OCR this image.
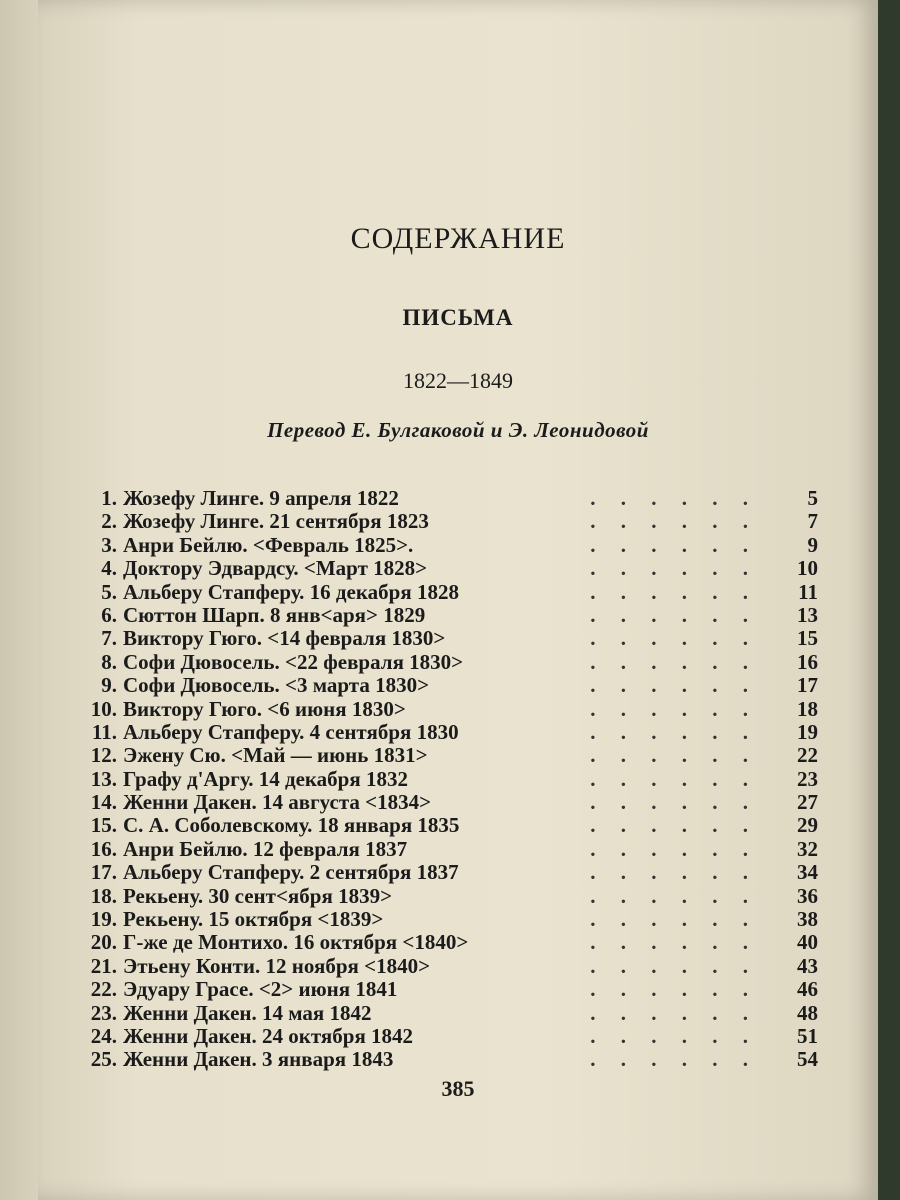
СОДЕРЖАНИЕ
ПИСЬМА
1822—1849
Перевод Е. Булгаковой и Э. Леонидовой
1. Жозефу Линге. 9 апреля 1822	. . . . . .	5
2. Жозефу Линге. 21 сентября 1823	. . . . . .	7
3. Анри Бейлю. <Февраль 1825>.	. . . . . .	9
4. Доктору Эдвардсу. <Март 1828>	. . . . . .	10
5. Альберу Стапферу. 16 декабря 1828	. . . . . .	11
6. Сюттон Шарп. 8 янв<аря> 1829	. . . . . .	13
7. Виктору Гюго. <14 февраля 1830>	. . . . . .	15
8. Софи Дювосель. <22 февраля 1830>	. . . . . .	16
9. Софи Дювосель. <3 марта 1830>	. . . . . .	17
10. Виктору Гюго. <6 июня 1830>	. . . . . .	18
11. Альберу Стапферу. 4 сентября 1830	. . . . . .	19
12. Эжену Сю. <Май — июнь 1831>	. . . . . .	22
13. Графу д'Аргу. 14 декабря 1832	. . . . . .	23
14. Женни Дакен. 14 августа <1834>	. . . . . .	27
15. С. А. Соболевскому. 18 января 1835	. . . . . .	29
16. Анри Бейлю. 12 февраля 1837	. . . . . .	32
17. Альберу Стапферу. 2 сентября 1837	. . . . . .	34
18. Рекьену. 30 сент<ября 1839>	. . . . . .	36
19. Рекьену. 15 октября <1839>	. . . . . .	38
20. Г-же де Монтихо. 16 октября <1840>	. . . . . .	40
21. Этьену Конти. 12 ноября <1840>	. . . . . .	43
22. Эдуару Грасе. <2> июня 1841	. . . . . .	46
23. Женни Дакен. 14 мая 1842	. . . . . .	48
24. Женни Дакен. 24 октября 1842	. . . . . .	51
25. Женни Дакен. 3 января 1843	. . . . . .	54
385
